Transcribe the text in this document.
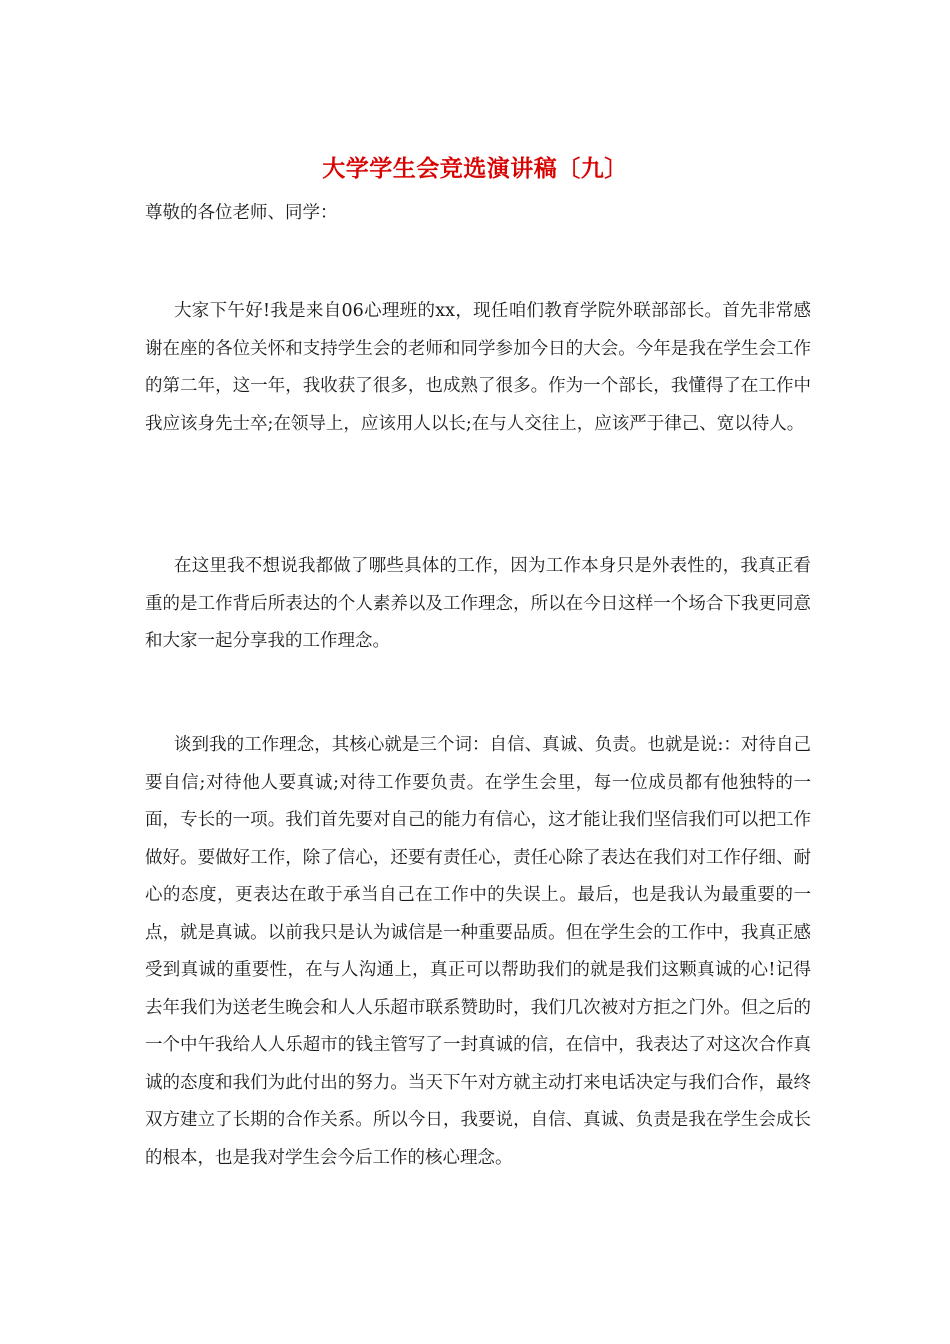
大学学生会竞选演讲稿〔九〕
尊敬的各位老师、同学：

大家下午好!我是来自06心理班的xx，现任咱们教育学院外联部部长。首先非常感谢在座的各位关怀和支持学生会的老师和同学参加今日的大会。今年是我在学生会工作的第二年，这一年，我收获了很多，也成熟了很多。作为一个部长，我懂得了在工作中我应该身先士卒;在领导上，应该用人以长;在与人交往上，应该严于律己、宽以待人。

在这里我不想说我都做了哪些具体的工作，因为工作本身只是外表性的，我真正看重的是工作背后所表达的个人素养以及工作理念，所以在今日这样一个场合下我更同意和大家一起分享我的工作理念。

谈到我的工作理念，其核心就是三个词：自信、真诚、负责。也就是说:：对待自己要自信;对待他人要真诚;对待工作要负责。在学生会里，每一位成员都有他独特的一面，专长的一项。我们首先要对自己的能力有信心，这才能让我们坚信我们可以把工作做好。要做好工作，除了信心，还要有责任心，责任心除了表达在我们对工作仔细、耐心的态度，更表达在敢于承当自己在工作中的失误上。最后，也是我认为最重要的一点，就是真诚。以前我只是认为诚信是一种重要品质。但在学生会的工作中，我真正感受到真诚的重要性，在与人沟通上，真正可以帮助我们的就是我们这颗真诚的心!记得去年我们为送老生晚会和人人乐超市联系赞助时，我们几次被对方拒之门外。但之后的一个中午我给人人乐超市的钱主管写了一封真诚的信，在信中，我表达了对这次合作真诚的态度和我们为此付出的努力。当天下午对方就主动打来电话决定与我们合作，最终双方建立了长期的合作关系。所以今日，我要说，自信、真诚、负责是我在学生会成长的根本，也是我对学生会今后工作的核心理念。
